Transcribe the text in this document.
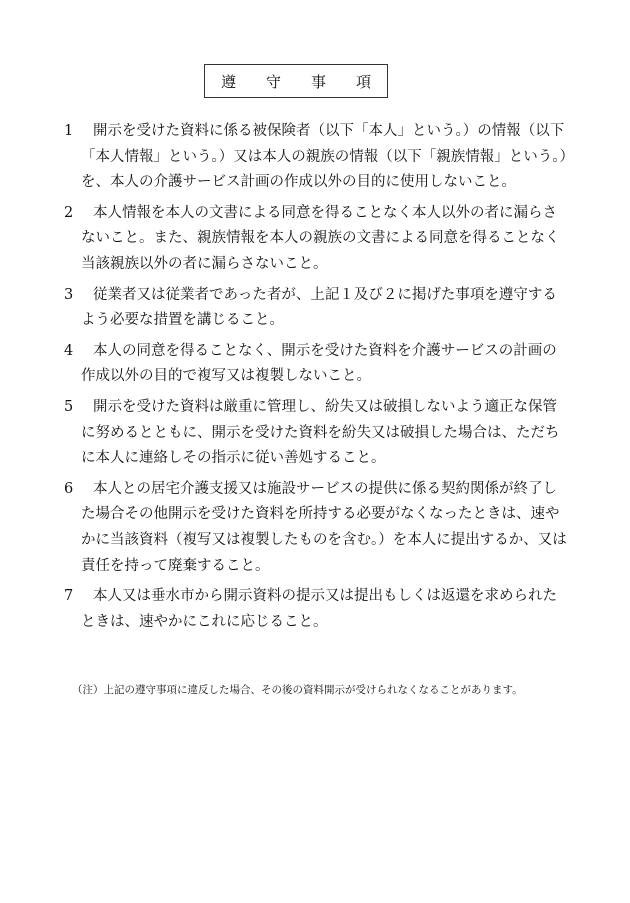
遵 守 事 項
1	開示を受けた資料に係る被保険者（以下「本人」という。）の情報（以下
「本人情報」という。）又は本人の親族の情報（以下「親族情報」という。）
を、本人の介護サービス計画の作成以外の目的に使用しないこと。
2	本人情報を本人の文書による同意を得ることなく本人以外の者に漏らさ
ないこと。また、親族情報を本人の親族の文書による同意を得ることなく
当該親族以外の者に漏らさないこと。
3	従業者又は従業者であった者が、上記１及び２に掲げた事項を遵守する
よう必要な措置を講じること。
4	本人の同意を得ることなく、開示を受けた資料を介護サービスの計画の
作成以外の目的で複写又は複製しないこと。
5	開示を受けた資料は厳重に管理し、紛失又は破損しないよう適正な保管
に努めるとともに、開示を受けた資料を紛失又は破損した場合は、ただち
に本人に連絡しその指示に従い善処すること。
6	本人との居宅介護支援又は施設サービスの提供に係る契約関係が終了し
た場合その他開示を受けた資料を所持する必要がなくなったときは、速や
かに当該資料（複写又は複製したものを含む。）を本人に提出するか、又は
責任を持って廃棄すること。
7	本人又は垂水市から開示資料の提示又は提出もしくは返還を求められた
ときは、速やかにこれに応じること。
（注）上記の遵守事項に違反した場合、その後の資料開示が受けられなくなることがあります。
